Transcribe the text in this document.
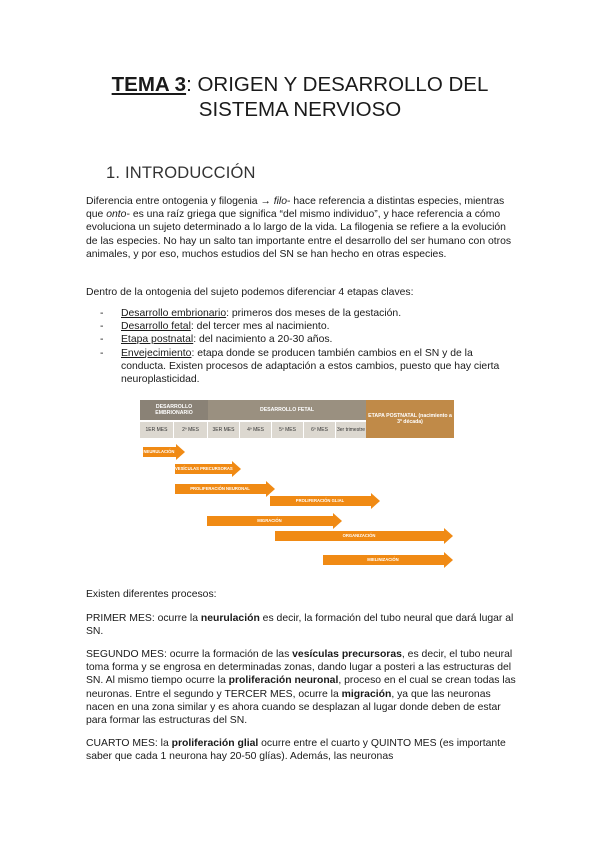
TEMA 3: ORIGEN Y DESARROLLO DEL
SISTEMA NERVIOSO
1. INTRODUCCIÓN
Diferencia entre ontogenia y filogenia → filo- hace referencia a distintas especies, mientras que onto- es una raíz griega que significa “del mismo individuo”, y hace referencia a cómo evoluciona un sujeto determinado a lo largo de la vida. La filogenia se refiere a la evolución de las especies. No hay un salto tan importante entre el desarrollo del ser humano con otros animales, y por eso, muchos estudios del SN se han hecho en otras especies.
Dentro de la ontogenia del sujeto podemos diferenciar 4 etapas claves:
- Desarrollo embrionario: primeros dos meses de la gestación.
- Desarrollo fetal: del tercer mes al nacimiento.
- Etapa postnatal: del nacimiento a 20-30 años.
- Envejecimiento: etapa donde se producen también cambios en el SN y de la conducta. Existen procesos de adaptación a estos cambios, puesto que hay cierta neuroplasticidad.
DESARROLLO EMBRIONARIO	DESARROLLO FETAL
ETAPA POSTNATAL (nacimiento a 3ª década)
1ER MES	2º MES	3ER MES	4º MES	5º MES	6º MES	3er trimestre
NEURULACIÓN
VESÍCULAS PRECURSORAS
PROLIFERACIÓN NEURONAL
PROLIFERACIÓN GLIAL
MIGRACIÓN
ORGANIZACIÓN
MIELINIZACIÓN
Existen diferentes procesos:
PRIMER MES: ocurre la neurulación es decir, la formación del tubo neural que dará lugar al SN.
SEGUNDO MES: ocurre la formación de las vesículas precursoras, es decir, el tubo neural toma forma y se engrosa en determinadas zonas, dando lugar a posteri a las estructuras del SN. Al mismo tiempo ocurre la proliferación neuronal, proceso en el cual se crean todas las neuronas. Entre el segundo y TERCER MES, ocurre la migración, ya que las neuronas nacen en una zona similar y es ahora cuando se desplazan al lugar donde deben de estar para formar las estructuras del SN.
CUARTO MES: la proliferación glial ocurre entre el cuarto y QUINTO MES (es importante saber que cada 1 neurona hay 20-50 glías). Además, las neuronas
